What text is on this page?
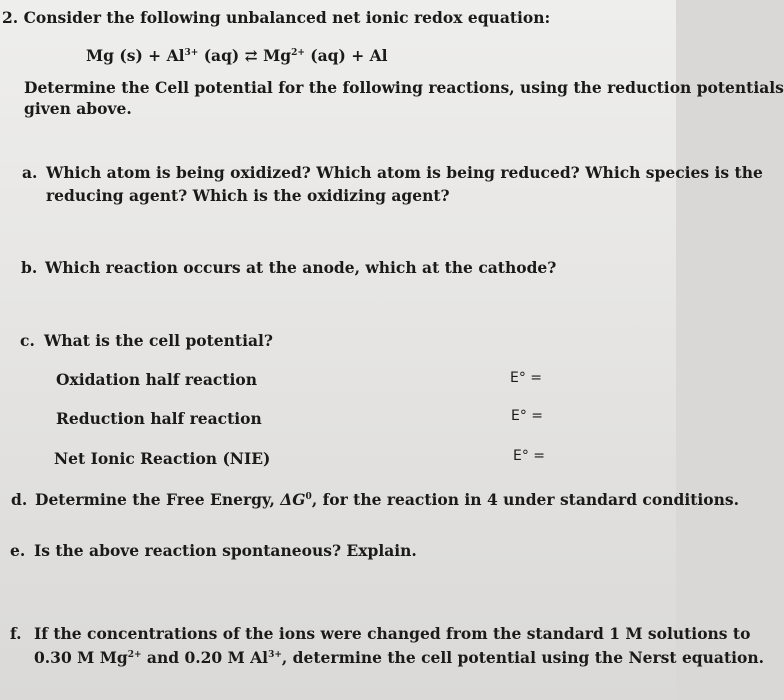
2. Consider the following unbalanced net ionic redox equation:
Mg $(s) + Al^{3+}$ (aq) ⇄ $Mg^{2+}$ (aq) + Al
Determine the Cell potential for the following reactions, using the reduction potentials
given above.
a. Which atom is being oxidized? Which atom is being reduced? Which species is the
reducing agent? Which is the oxidizing agent?
b. Which reaction occurs at the anode, which at the cathode?
c. What is the cell potential?
Oxidation half reaction	E° =
Reduction half reaction	E° =
Net Ionic Reaction (NIE)	E° =
d. Determine the Free Energy, $\Delta G^0$, for the reaction in 4 under standard conditions.
e. Is the above reaction spontaneous? Explain.
f. If the concentrations of the ions were changed from the standard 1 M solutions to
0.30 M $Mg^{2+}$ and 0.20 M $Al^{3+}$, determine the cell potential using the Nerst equation.
